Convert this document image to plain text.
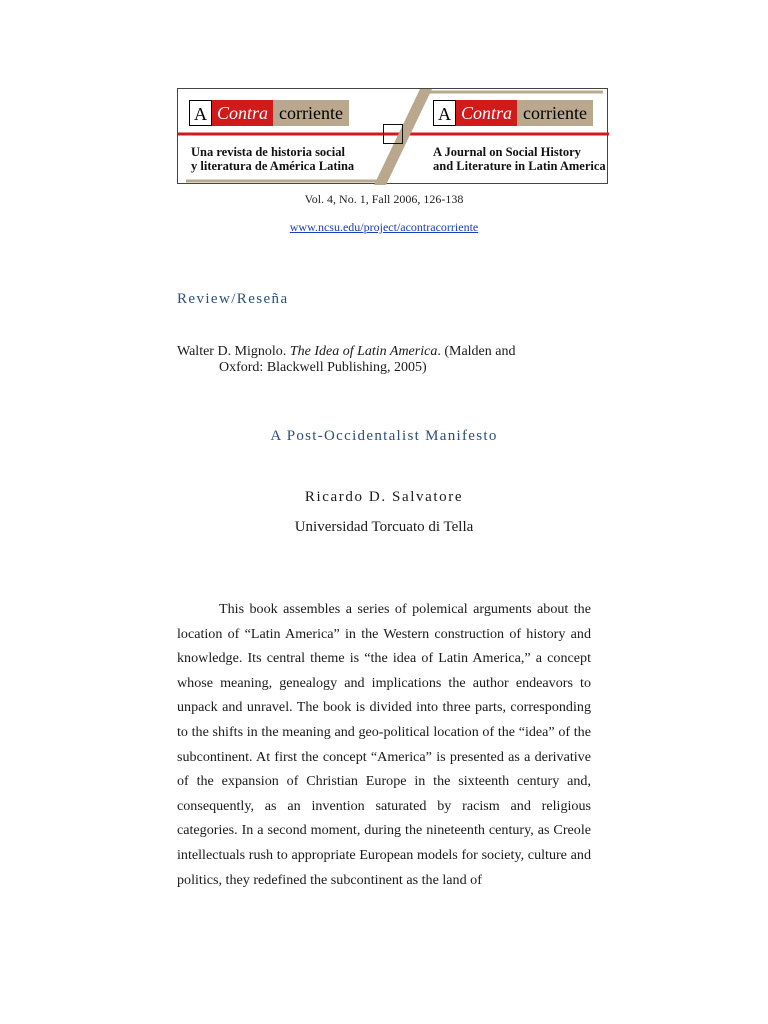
A Contra corriente	A Contra corriente
Una revista de historia social
y literatura de América Latina
A Journal on Social History
and Literature in Latin America
Vol. 4, No. 1, Fall 2006, 126-138
www.ncsu.edu/project/acontracorriente
Review/Reseña
Walter D. Mignolo. The Idea of Latin America. (Malden and
Oxford: Blackwell Publishing, 2005)
A Post-Occidentalist Manifesto
Ricardo D. Salvatore
Universidad Torcuato di Tella

This book assembles a series of polemical arguments about the location of “Latin America” in the Western construction of history and knowledge. Its central theme is “the idea of Latin America,” a concept whose meaning, genealogy and implications the author endeavors to unpack and unravel. The book is divided into three parts, corresponding to the shifts in the meaning and geo-political location of the “idea” of the subcontinent. At first the concept “America” is presented as a derivative of the expansion of Christian Europe in the sixteenth century and, consequently, as an invention saturated by racism and religious categories. In a second moment, during the nineteenth century, as Creole intellectuals rush to appropriate European models for society, culture and politics, they redefined the subcontinent as the land of
